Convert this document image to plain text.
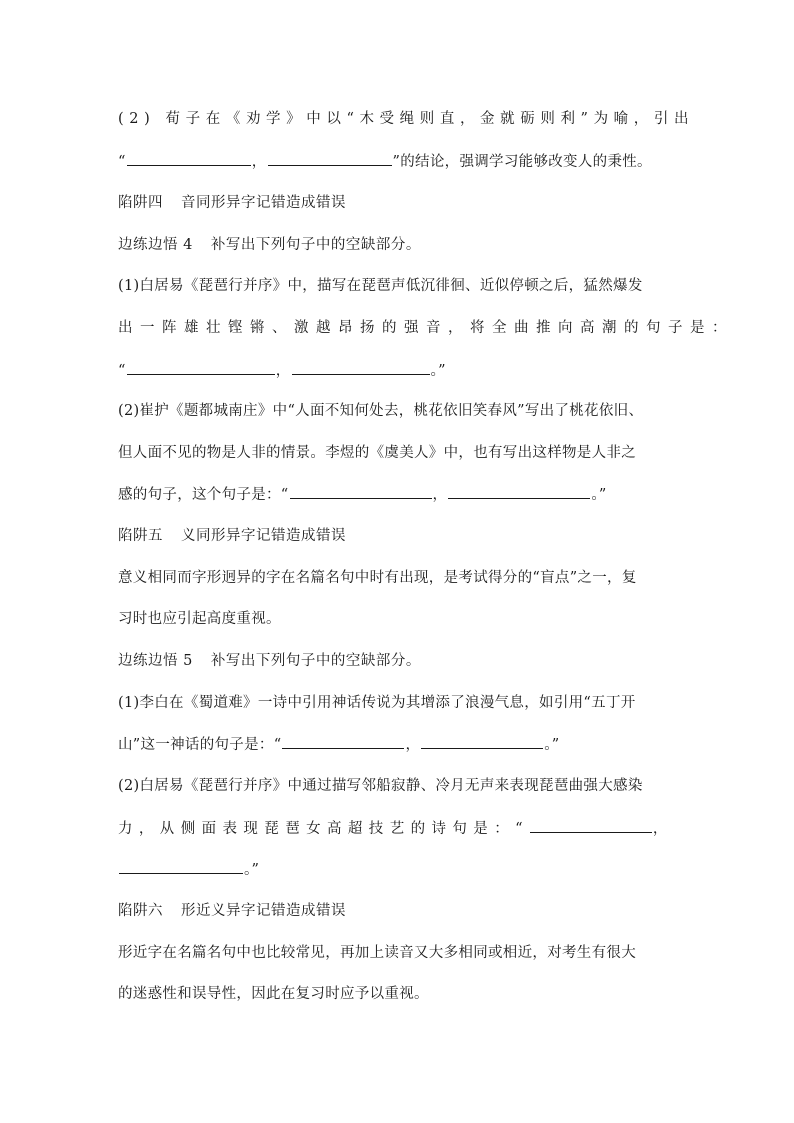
(2) 荀子在《劝学》中以“木受绳则直，金就砺则利”为喻，引出
“	，	”的结论，强调学习能够改变人的秉性。
陷阱四 音同形异字记错造成错误
边练边悟 4 补写出下列句子中的空缺部分。
(1)白居易《琵琶行并序》中，描写在琵琶声低沉徘徊、近似停顿之后，猛然爆发
出一阵雄壮铿锵、激越昂扬的强音，将全曲推向高潮的句子是：
“	，	。”
(2)崔护《题都城南庄》中“人面不知何处去，桃花依旧笑春风”写出了桃花依旧、
但人面不见的物是人非的情景。李煜的《虞美人》中，也有写出这样物是人非之
感的句子，这个句子是：“	，	。”
陷阱五 义同形异字记错造成错误
意义相同而字形迥异的字在名篇名句中时有出现，是考试得分的“盲点”之一，复
习时也应引起高度重视。
边练边悟 5 补写出下列句子中的空缺部分。
(1)李白在《蜀道难》一诗中引用神话传说为其增添了浪漫气息，如引用“五丁开
山”这一神话的句子是：“	，	。”
(2)白居易《琵琶行并序》中通过描写邻船寂静、冷月无声来表现琵琶曲强大感染
力，从侧面表现琵琶女高超技艺的诗句是：“	，
。”
陷阱六 形近义异字记错造成错误
形近字在名篇名句中也比较常见，再加上读音又大多相同或相近，对考生有很大
的迷惑性和误导性，因此在复习时应予以重视。
